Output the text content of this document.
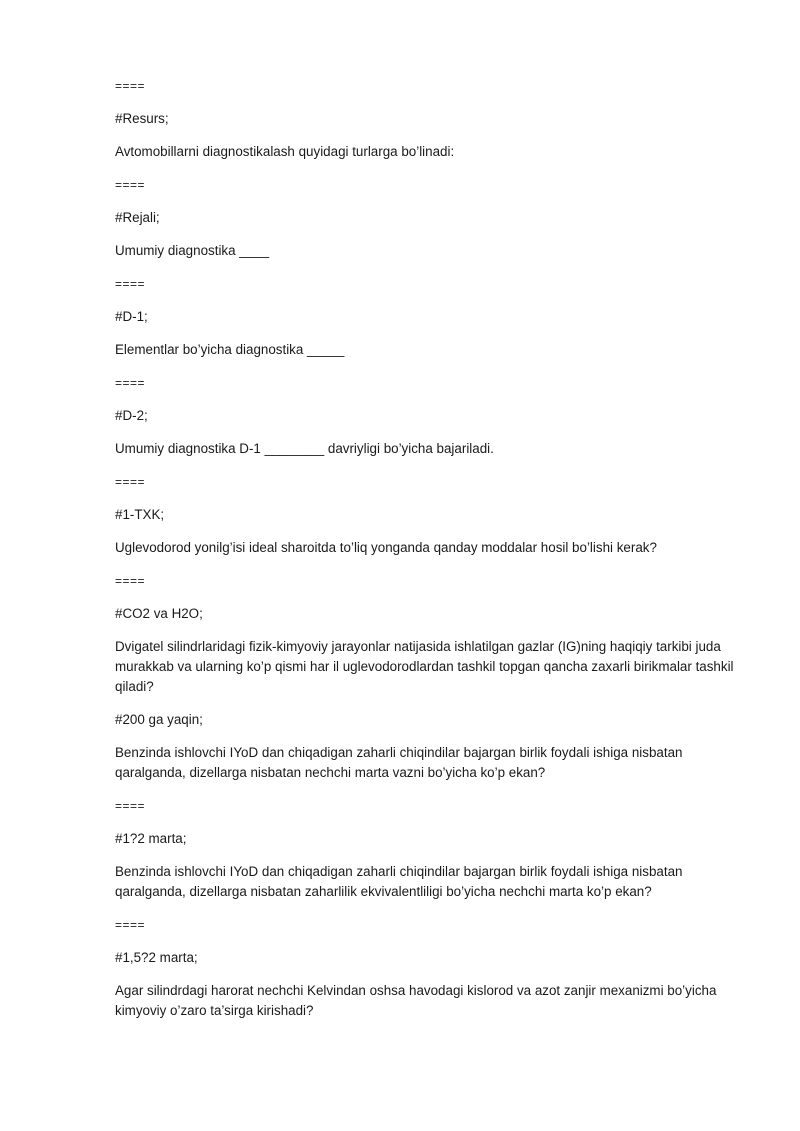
====

#Resurs;

Avtomobillarni diagnostikalash quyidagi turlarga bo’linadi:

====

#Rejali;

Umumiy diagnostika ____

====

#D-1;

Elementlar bo’yicha diagnostika _____

====

#D-2;

Umumiy diagnostika D-1 ________ davriyligi bo’yicha bajariladi.

====

#1-TXK;

Uglevodorod yonilg’isi ideal sharoitda to’liq yonganda qanday moddalar hosil bo’lishi kerak?

====

#CO2 va H2O;

Dvigatel silindrlaridagi fizik-kimyoviy jarayonlar natijasida ishlatilgan gazlar (IG)ning haqiqiy tarkibi juda murakkab va ularning ko’p qismi har il uglevodorodlardan tashkil topgan qancha zaxarli birikmalar tashkil qiladi?

#200 ga yaqin;

Benzinda ishlovchi IYoD dan chiqadigan zaharli chiqindilar bajargan birlik foydali ishiga nisbatan qaralganda, dizellarga nisbatan nechchi marta vazni bo’yicha ko’p ekan?

====

#1?2 marta;

Benzinda ishlovchi IYoD dan chiqadigan zaharli chiqindilar bajargan birlik foydali ishiga nisbatan qaralganda, dizellarga nisbatan zaharlilik ekvivalentliligi bo’yicha nechchi marta ko’p ekan?

====

#1,5?2 marta;

Agar silindrdagi harorat nechchi Kelvindan oshsa havodagi kislorod va azot zanjir mexanizmi bo’yicha kimyoviy o’zaro ta’sirga kirishadi?
